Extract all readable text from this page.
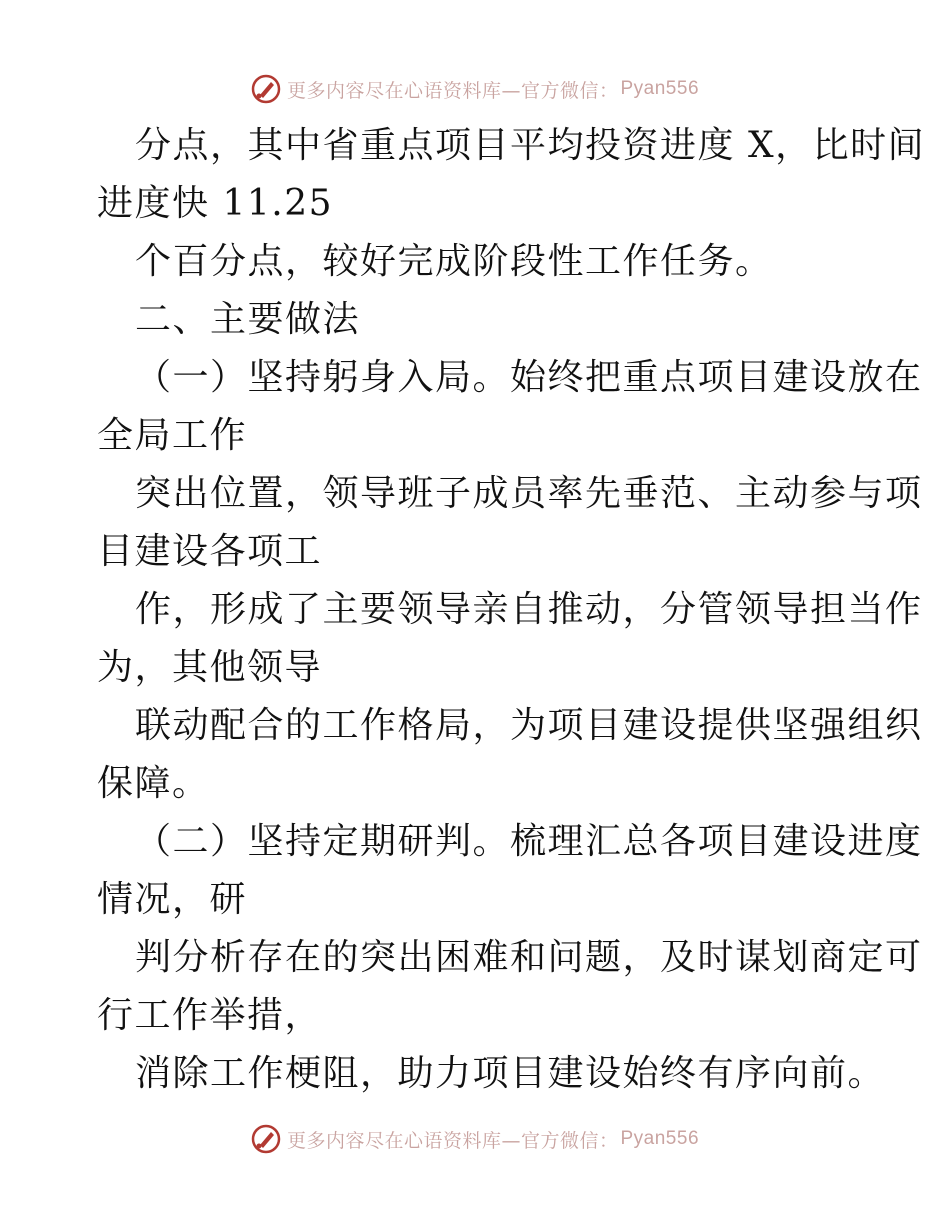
更多内容尽在心语资料库—官方微信： Pyan556

分点，其中省重点项目平均投资进度 X，比时间

进度快 11.25

个百分点，较好完成阶段性工作任务。

二、主要做法

（一）坚持躬身入局。始终把重点项目建设放在

全局工作

突出位置，领导班子成员率先垂范、主动参与项

目建设各项工

作，形成了主要领导亲自推动，分管领导担当作

为，其他领导

联动配合的工作格局，为项目建设提供坚强组织

保障。

（二）坚持定期研判。梳理汇总各项目建设进度

情况，研

判分析存在的突出困难和问题，及时谋划商定可

行工作举措，

消除工作梗阻，助力项目建设始终有序向前。

更多内容尽在心语资料库—官方微信： Pyan556
